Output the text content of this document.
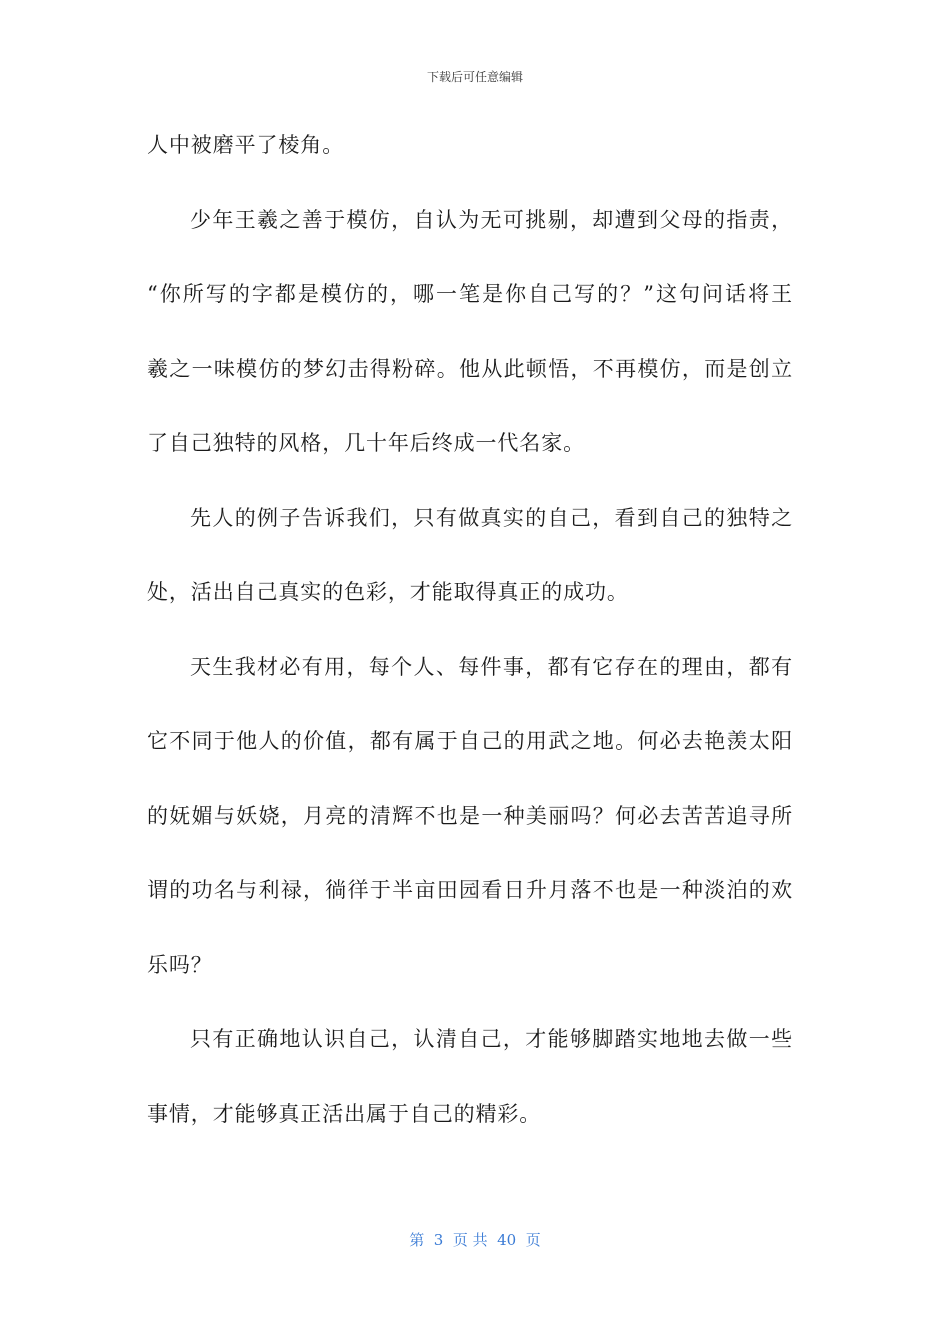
下载后可任意编辑
人中被磨平了棱角。
少年王羲之善于模仿，自认为无可挑剔，却遭到父母的指责，
“你所写的字都是模仿的，哪一笔是你自己写的？”这句问话将王
羲之一味模仿的梦幻击得粉碎。他从此顿悟，不再模仿，而是创立
了自己独特的风格，几十年后终成一代名家。
先人的例子告诉我们，只有做真实的自己，看到自己的独特之
处，活出自己真实的色彩，才能取得真正的成功。
天生我材必有用，每个人、每件事，都有它存在的理由，都有
它不同于他人的价值，都有属于自己的用武之地。何必去艳羡太阳
的妩媚与妖娆，月亮的清辉不也是一种美丽吗？何必去苦苦追寻所
谓的功名与利禄，徜徉于半亩田园看日升月落不也是一种淡泊的欢
乐吗？
只有正确地认识自己，认清自己，才能够脚踏实地地去做一些
事情，才能够真正活出属于自己的精彩。
第  3  页 共  40  页
